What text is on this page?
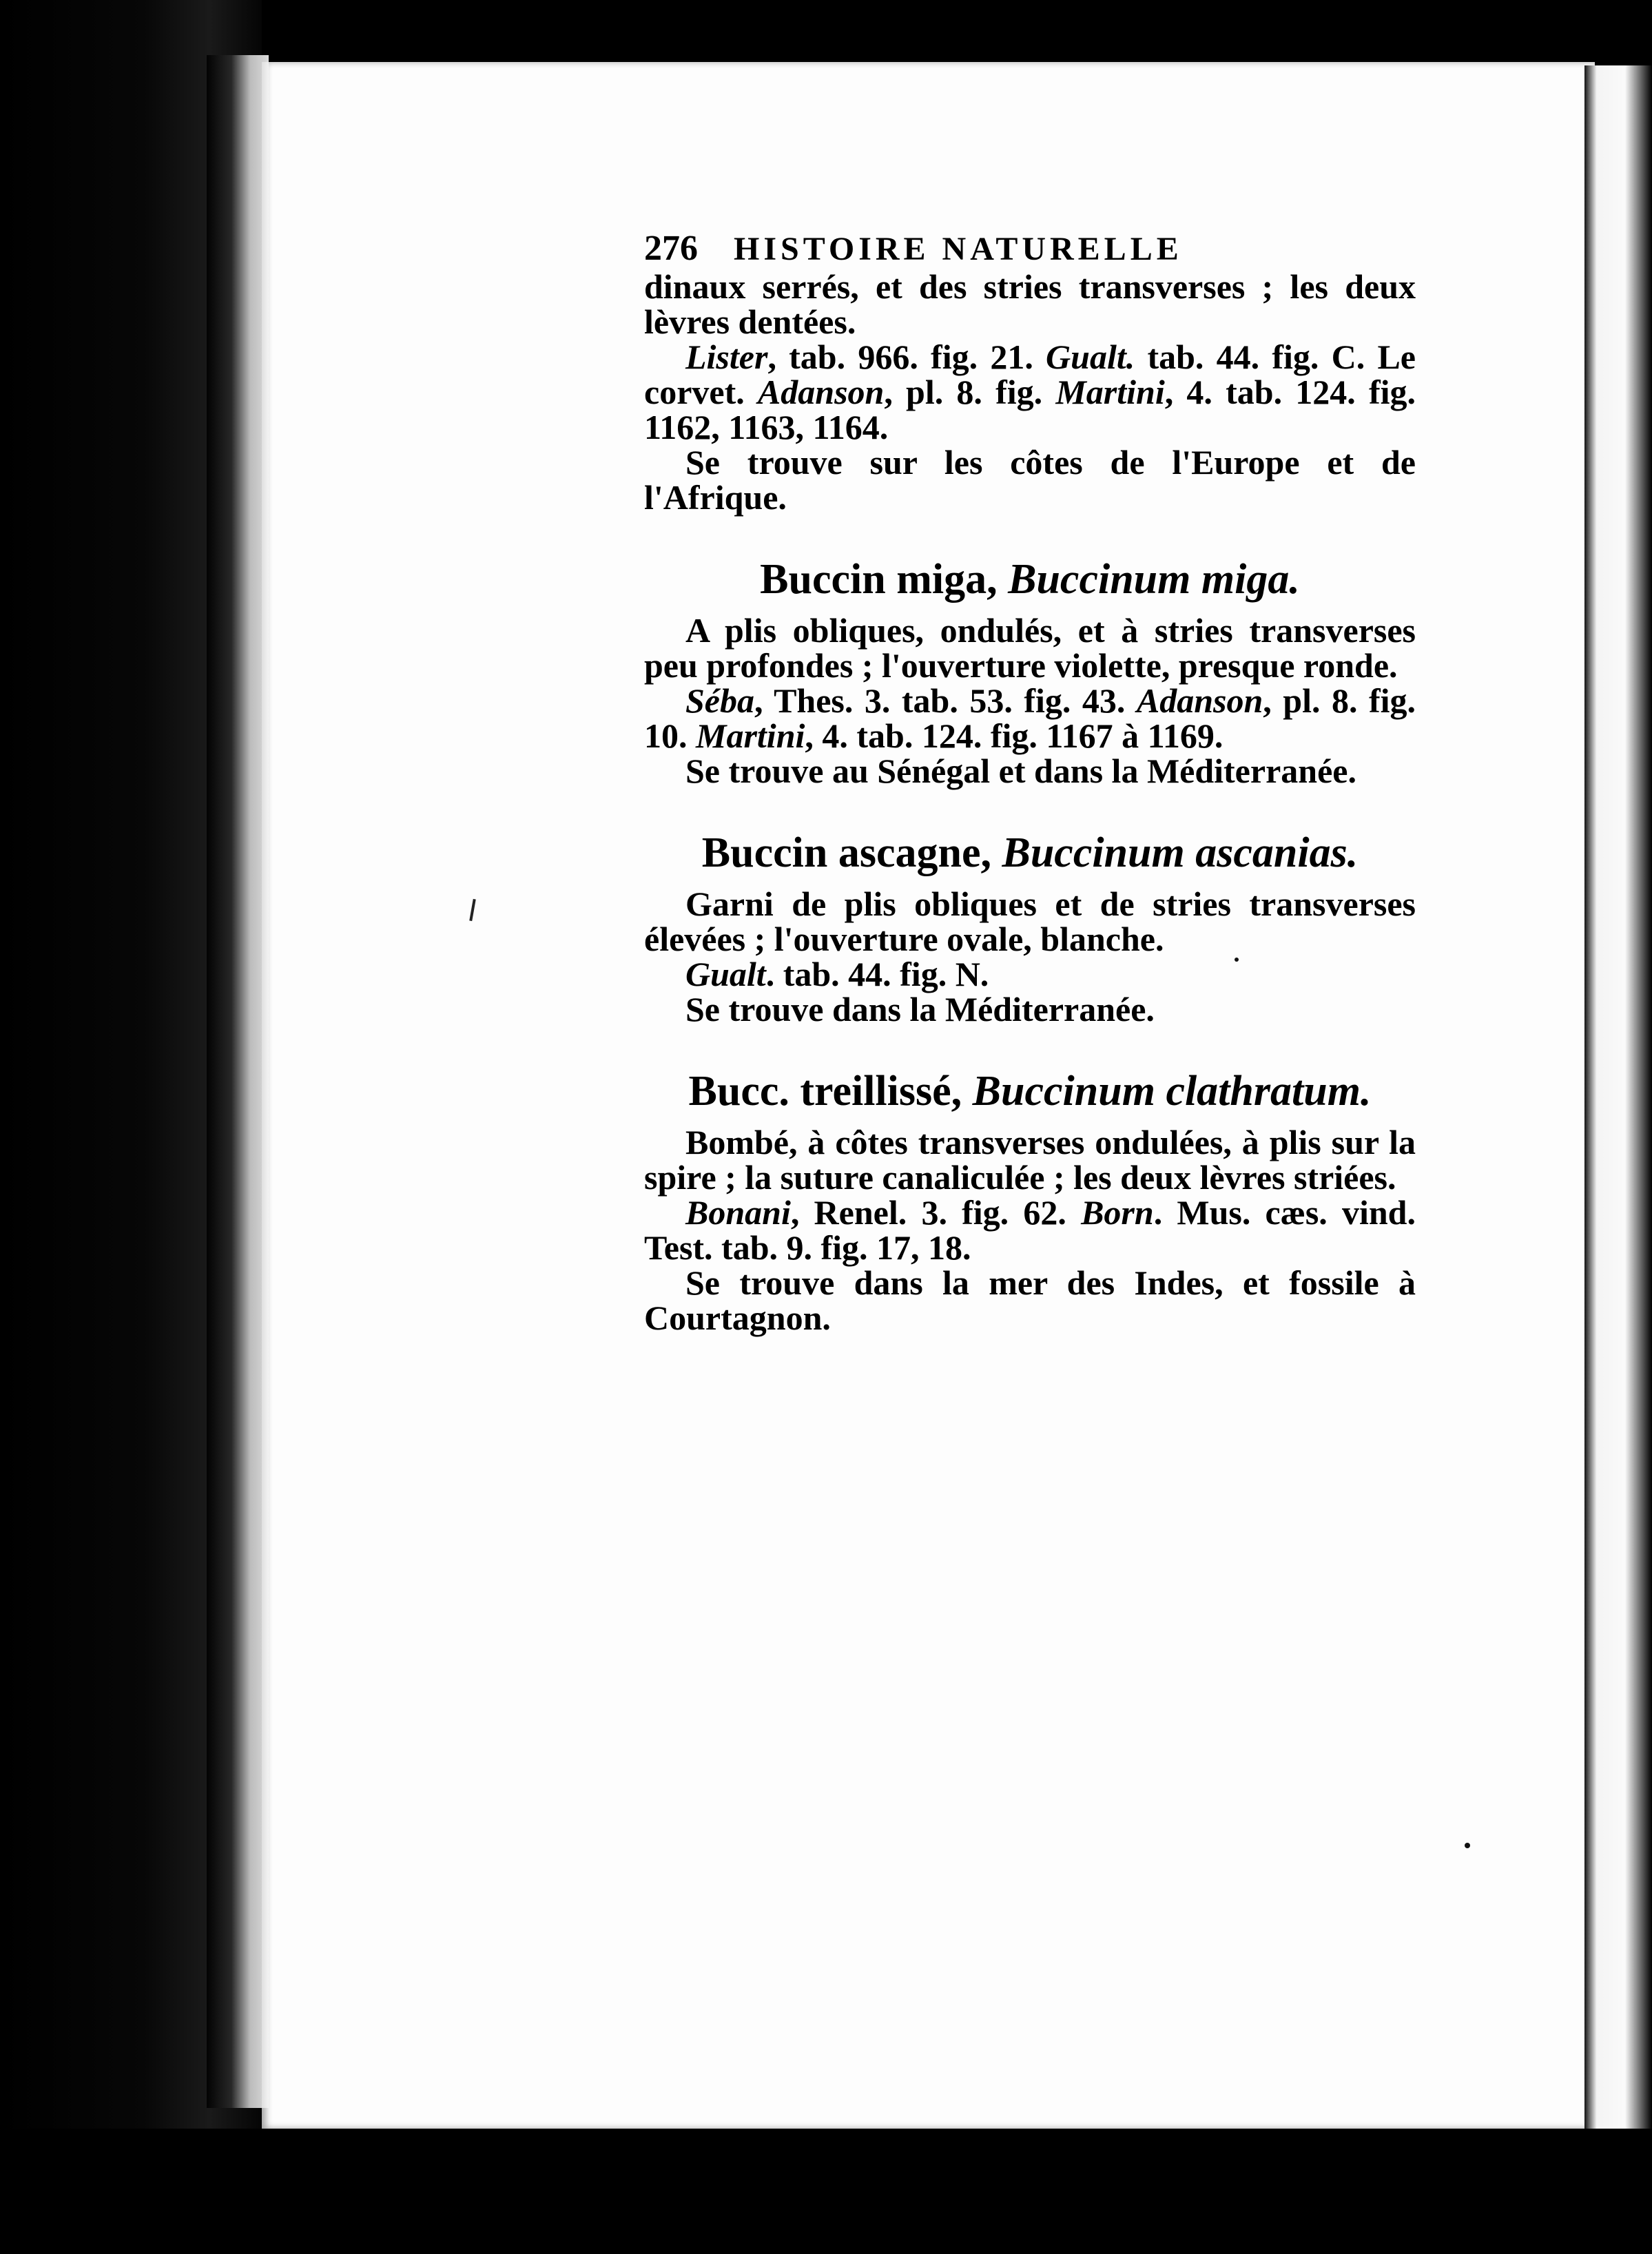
276 HISTOIRE NATURELLE

dinaux serrés, et des stries transverses ; les deux lèvres dentées.

Lister, tab. 966. fig. 21. Gualt. tab. 44. fig. C. Le corvet. Adanson, pl. 8. fig. Martini, 4. tab. 124. fig. 1162, 1163, 1164.

Se trouve sur les côtes de l'Europe et de l'Afrique.

Buccin miga, Buccinum miga.

A plis obliques, ondulés, et à stries transverses peu profondes ; l'ouverture violette, presque ronde.

Séba, Thes. 3. tab. 53. fig. 43. Adanson, pl. 8. fig. 10. Martini, 4. tab. 124. fig. 1167 à 1169.

Se trouve au Sénégal et dans la Méditerranée.

Buccin ascagne, Buccinum ascanias.

Garni de plis obliques et de stries transverses élevées ; l'ouverture ovale, blanche.

Gualt. tab. 44. fig. N.

Se trouve dans la Méditerranée.

Bucc. treillissé, Buccinum clathratum.

Bombé, à côtes transverses ondulées, à plis sur la spire ; la suture canaliculée ; les deux lèvres striées.

Bonani, Renel. 3. fig. 62. Born. Mus. cæs. vind. Test. tab. 9. fig. 17, 18.

Se trouve dans la mer des Indes, et fossile à Courtagnon.
